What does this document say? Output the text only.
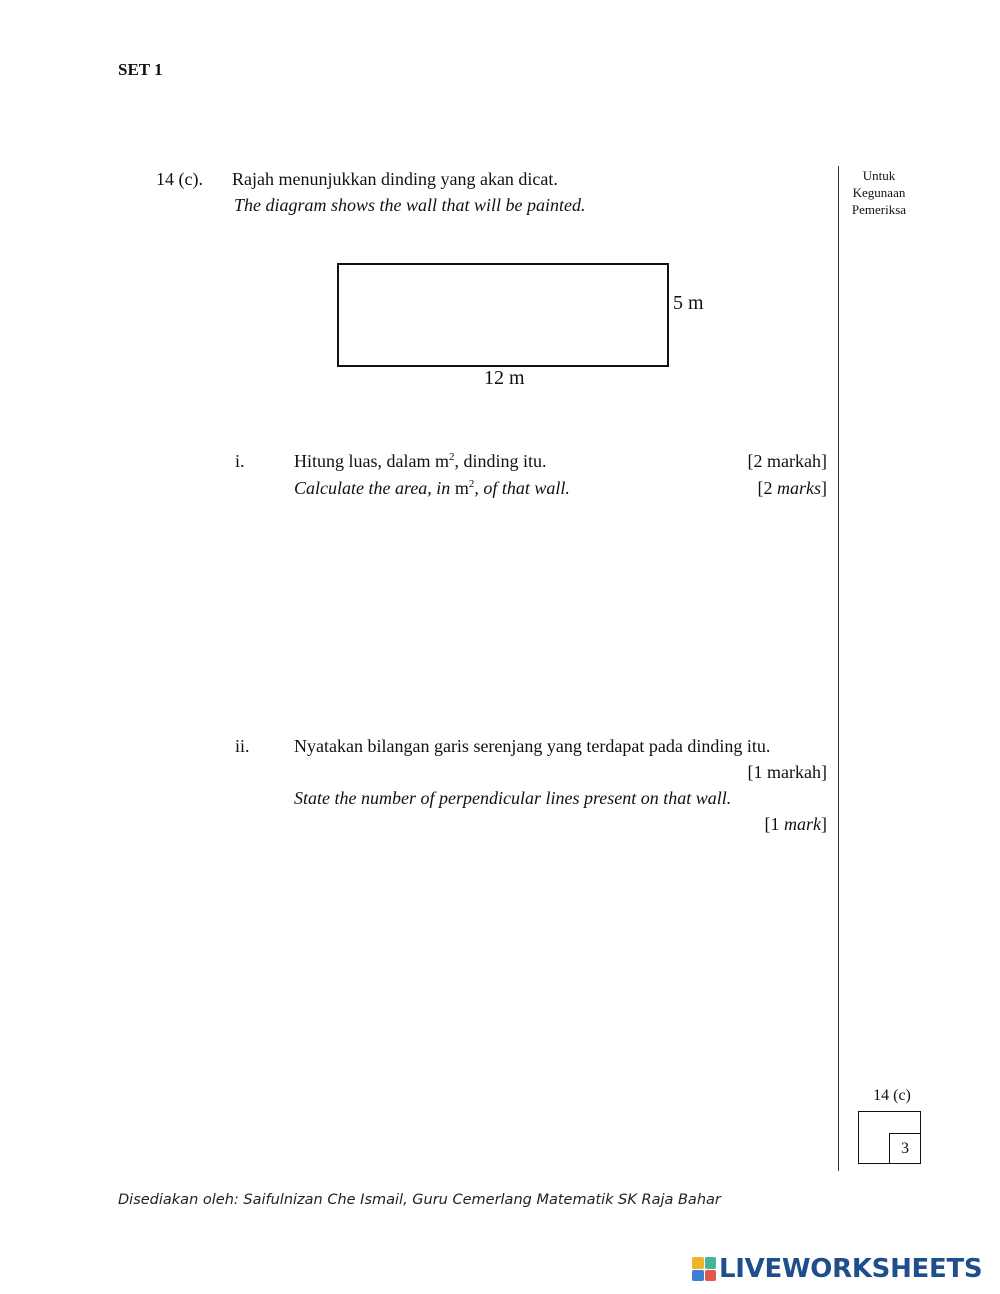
SET 1
14 (c). Rajah menunjukkan dinding yang akan dicat.
The diagram shows the wall that will be painted.
Untuk
Kegunaan
Pemeriksa
5 m
12 m
i.	Hitung luas, dalam $m^2$, dinding itu.	[2 markah]
Calculate the area, in $m^2$, of that wall.	[2 marks]
ii. Nyatakan bilangan garis serenjang yang terdapat pada dinding itu.
[1 markah]
State the number of perpendicular lines present on that wall.
[1 mark]
14 (c)
3
Disediakan oleh: Saifulnizan Che Ismail, Guru Cemerlang Matematik SK Raja Bahar
LIVEWORKSHEETS
